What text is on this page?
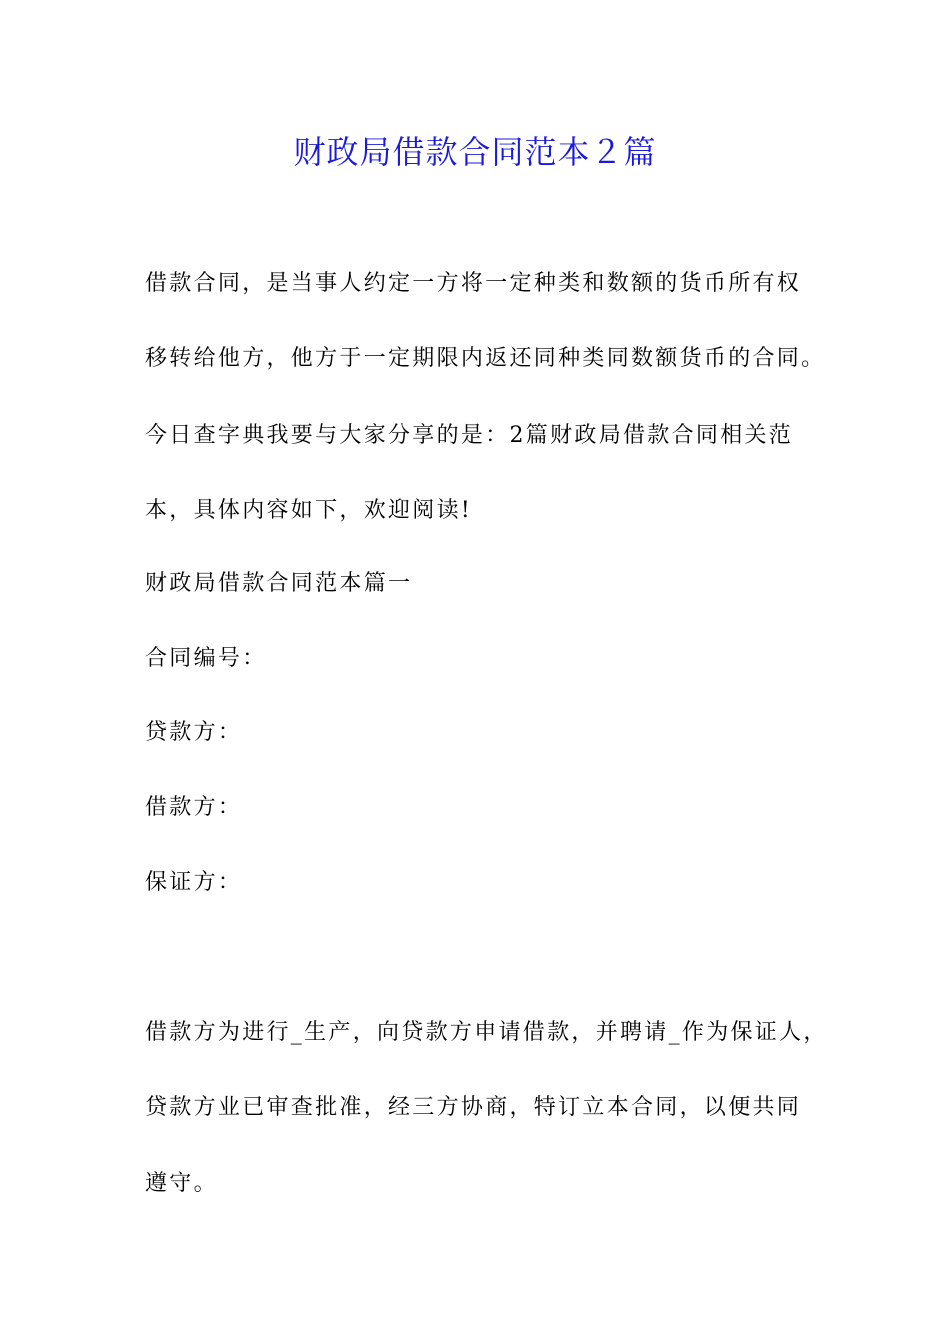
财政局借款合同范本２篇
借款合同，是当事人约定一方将一定种类和数额的货币所有权
移转给他方，他方于一定期限内返还同种类同数额货币的合同。
今日查字典我要与大家分享的是：2篇财政局借款合同相关范
本，具体内容如下，欢迎阅读!
财政局借款合同范本篇一
合同编号：
贷款方：
借款方：
保证方：
借款方为进行_生产，向贷款方申请借款，并聘请_作为保证人，
贷款方业已审查批准，经三方协商，特订立本合同，以便共同
遵守。
